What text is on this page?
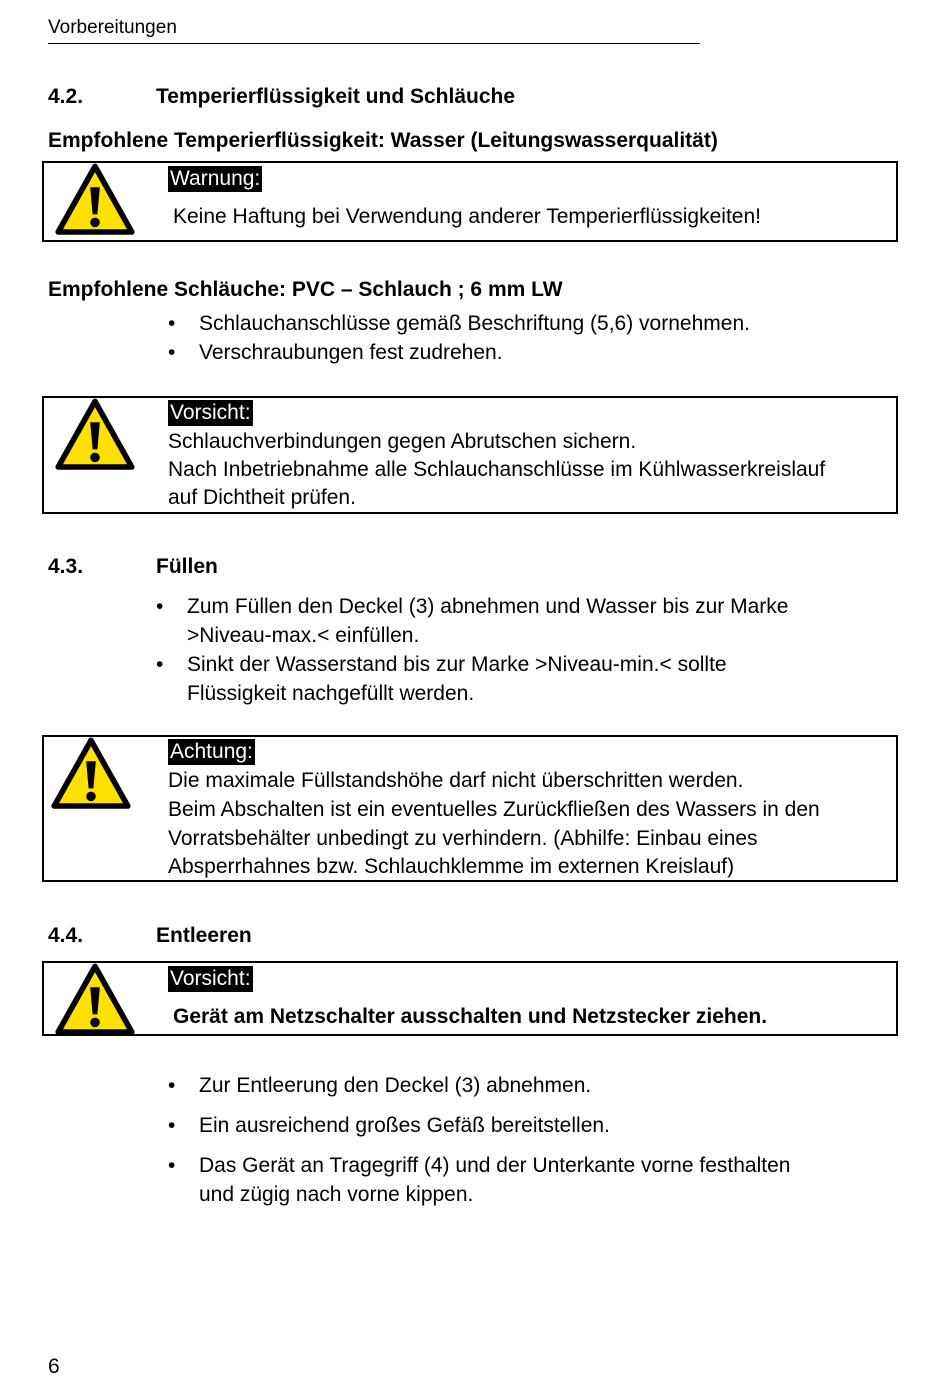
Vorbereitungen
4.2.	Temperierflüssigkeit und Schläuche
Empfohlene Temperierflüssigkeit: Wasser (Leitungswasserqualität)
Warnung:
Keine Haftung bei Verwendung anderer Temperierflüssigkeiten!
Empfohlene Schläuche: PVC – Schlauch ; 6 mm LW
• Schlauchanschlüsse gemäß Beschriftung (5,6) vornehmen.
• Verschraubungen fest zudrehen.
Vorsicht:
Schlauchverbindungen gegen Abrutschen sichern.
Nach Inbetriebnahme alle Schlauchanschlüsse im Kühlwasserkreislauf
auf Dichtheit prüfen.
4.3.	Füllen
• Zum Füllen den Deckel (3) abnehmen und Wasser bis zur Marke
>Niveau-max.< einfüllen.
• Sinkt der Wasserstand bis zur Marke >Niveau-min.< sollte
Flüssigkeit nachgefüllt werden.
Achtung:
Die maximale Füllstandshöhe darf nicht überschritten werden.
Beim Abschalten ist ein eventuelles Zurückfließen des Wassers in den
Vorratsbehälter unbedingt zu verhindern. (Abhilfe: Einbau eines
Absperrhahnes bzw. Schlauchklemme im externen Kreislauf)
4.4.	Entleeren
Vorsicht:
Gerät am Netzschalter ausschalten und Netzstecker ziehen.
• Zur Entleerung den Deckel (3) abnehmen.
• Ein ausreichend großes Gefäß bereitstellen.
• Das Gerät an Tragegriff (4) und der Unterkante vorne festhalten
und zügig nach vorne kippen.
6
